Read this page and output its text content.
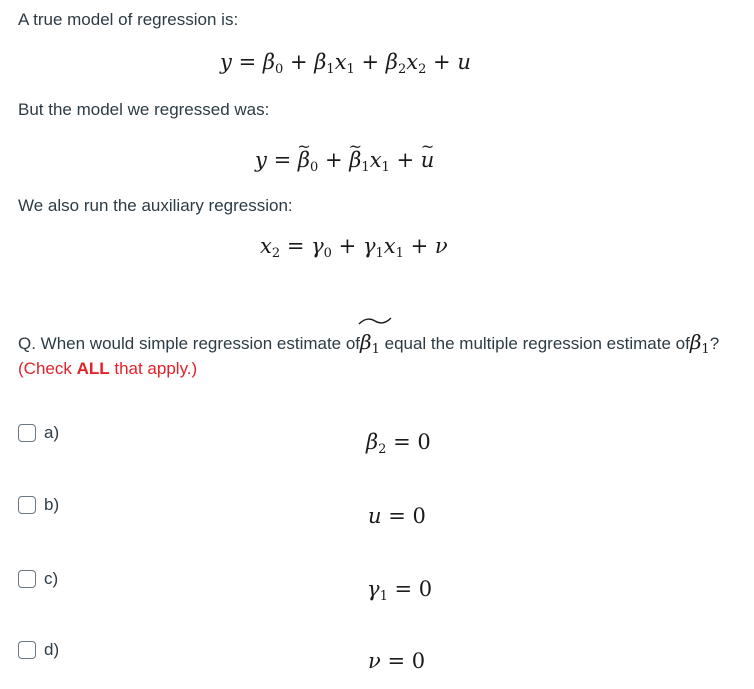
A true model of regression is:

$y = \beta_0 + \beta_1x_1 + \beta_2x_2 + u$

But the model we regressed was:

y = ~ $\beta_0$ + ~ $\beta_1x_1$ + ~ u

We also run the auxiliary regression:

$x_2 = \gamma_0 + \gamma_1x_1 + \nu$

Q. When would simple regression estimate of
$\beta_1$ equal the multiple regression estimate ofβ$_1$? (Check ALL that apply.)

a)	$\beta_2 = 0$
b)	u = 0
c)	$\gamma_1 = 0$
d)	ν = 0
